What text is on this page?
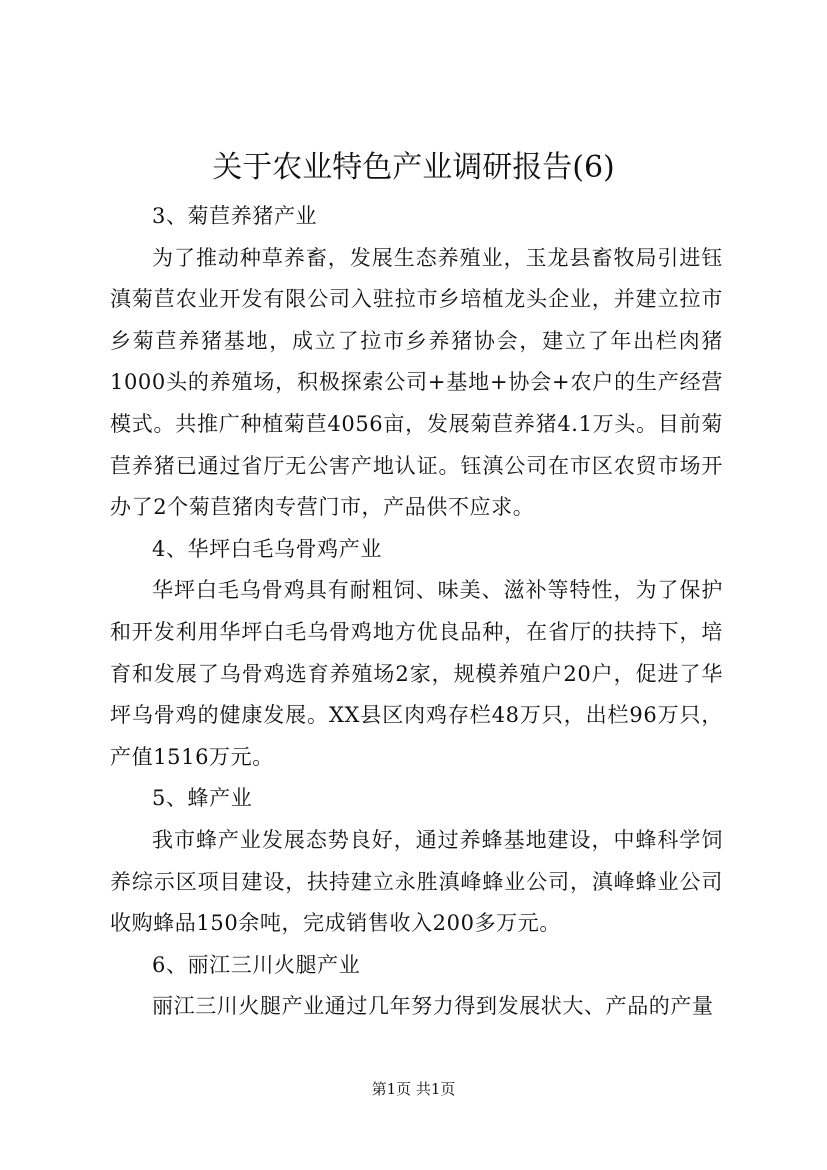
关于农业特色产业调研报告(6)

3、菊苣养猪产业

为了推动种草养畜，发展生态养殖业，玉龙县畜牧局引进钰滇菊苣农业开发有限公司入驻拉市乡培植龙头企业，并建立拉市乡菊苣养猪基地，成立了拉市乡养猪协会，建立了年出栏肉猪1000头的养殖场，积极探索公司+基地+协会+农户的生产经营模式。共推广种植菊苣4056亩，发展菊苣养猪4.1万头。目前菊苣养猪已通过省厅无公害产地认证。钰滇公司在市区农贸市场开办了2个菊苣猪肉专营门市，产品供不应求。

4、华坪白毛乌骨鸡产业

华坪白毛乌骨鸡具有耐粗饲、味美、滋补等特性，为了保护和开发利用华坪白毛乌骨鸡地方优良品种，在省厅的扶持下，培育和发展了乌骨鸡选育养殖场2家，规模养殖户20户，促进了华坪乌骨鸡的健康发展。XX县区肉鸡存栏48万只，出栏96万只，产值1516万元。

5、蜂产业

我市蜂产业发展态势良好，通过养蜂基地建设，中蜂科学饲养综示区项目建设，扶持建立永胜滇峰蜂业公司，滇峰蜂业公司收购蜂品150余吨，完成销售收入200多万元。

6、丽江三川火腿产业

丽江三川火腿产业通过几年努力得到发展状大、产品的产量

第1页 共1页
